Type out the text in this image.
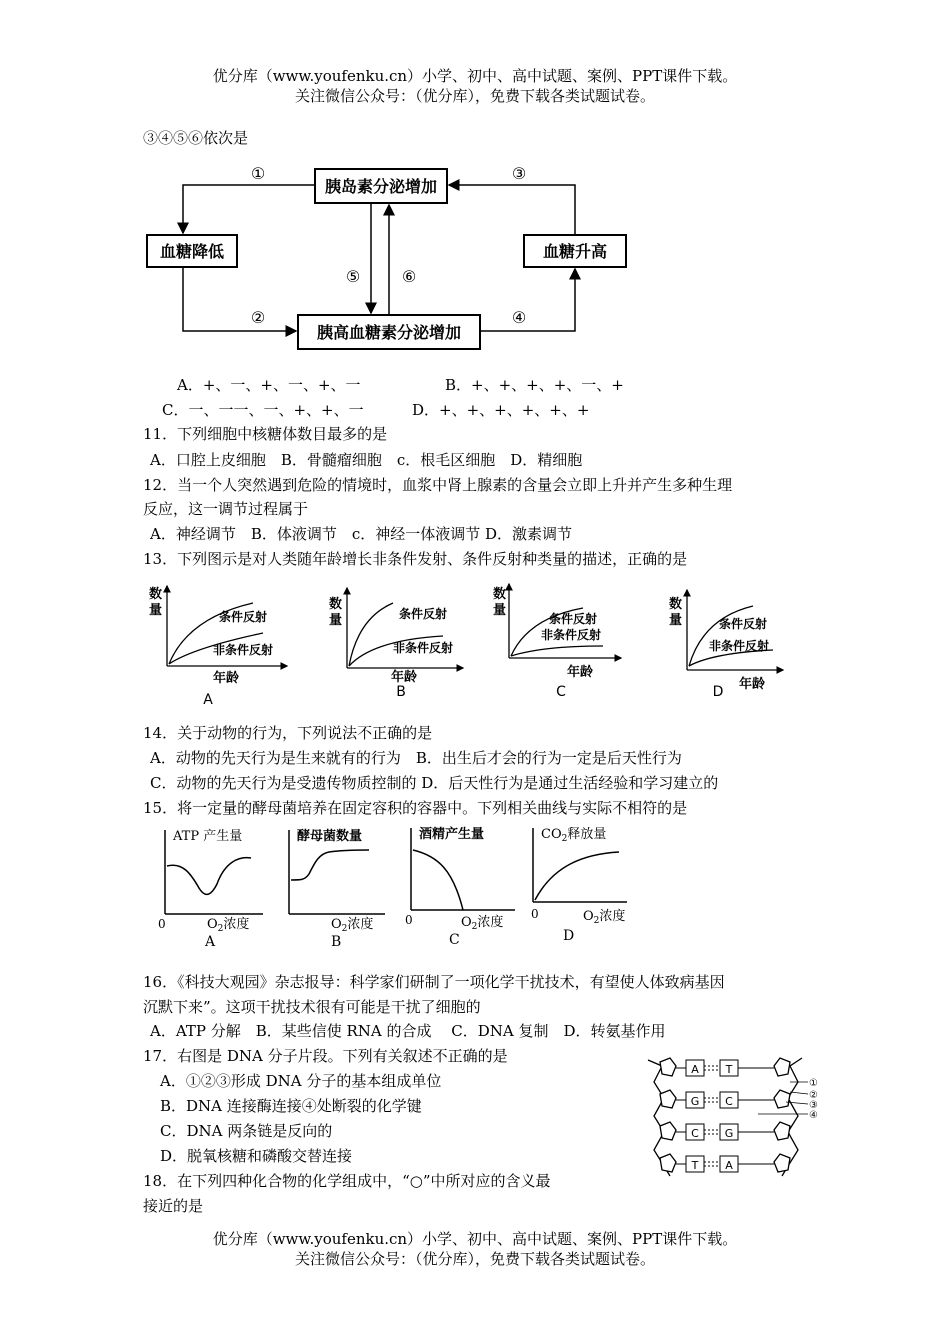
优分库（www.youfenku.cn）小学、初中、高中试题、案例、PPT课件下载。
关注微信公众号：（优分库），免费下载各类试题试卷。
③④⑤⑥依次是
胰岛素分泌增加
血糖降低	血糖升高
胰高血糖素分泌增加
①
②
③
④
⑤	⑥
A．+、一、+、一、+、一	B．+、+、+、+、一、+
C．一、一一、一、+、+、一	D．+、+、+、+、+、+
11．下列细胞中核糖体数目最多的是
A．口腔上皮细胞　B．骨髓瘤细胞　c．根毛区细胞　D．精细胞
12．当一个人突然遇到危险的情境时，血浆中肾上腺素的含量会立即上升并产生多种生理
反应，这一调节过程属于
A．神经调节　B．体液调节　c．神经一体液调节 D．激素调节
13．下列图示是对人类随年龄增长非条件发射、条件反射种类量的描述，正确的是
数
量	条件反射
非条件反射
年龄
A
数
量	条件反射
非条件反射
年龄
B
数
量
条件反射
非条件反射
年龄
C
数
量	条件反射
非条件反射
年龄
D
14．关于动物的行为，下列说法不正确的是
A．动物的先天行为是生来就有的行为　B．出生后才会的行为一定是后天性行为
C．动物的先天行为是受遗传物质控制的 D．后天性行为是通过生活经验和学习建立的
15．将一定量的酵母菌培养在固定容积的容器中。下列相关曲线与实际不相符的是
ATP 产生量
0	$O_2$浓度
A
酵母菌数量
$O_2$浓度
B
酒精产生量
0	$O_2$浓度
C
$CO_2$释放量
0	$O_2$浓度
D
16．《科技大观园》杂志报导：科学家们研制了一项化学干扰技术，有望使人体致病基因
沉默下来”。这项干扰技术很有可能是干扰了细胞的
A．ATP 分解　B．某些信使 RNA 的合成　 C．DNA 复制　D．转氨基作用
17．右图是 DNA 分子片段。下列有关叙述不正确的是
A．①②③形成 DNA 分子的基本组成单位
B．DNA 连接酶连接④处断裂的化学键
C．DNA 两条链是反向的
D．脱氧核糖和磷酸交替连接
A T
G C
C G
T A
①
②
③
④
18．在下列四种化合物的化学组成中，“○”中所对应的含义最
接近的是
优分库（www.youfenku.cn）小学、初中、高中试题、案例、PPT课件下载。
关注微信公众号：（优分库），免费下载各类试题试卷。
